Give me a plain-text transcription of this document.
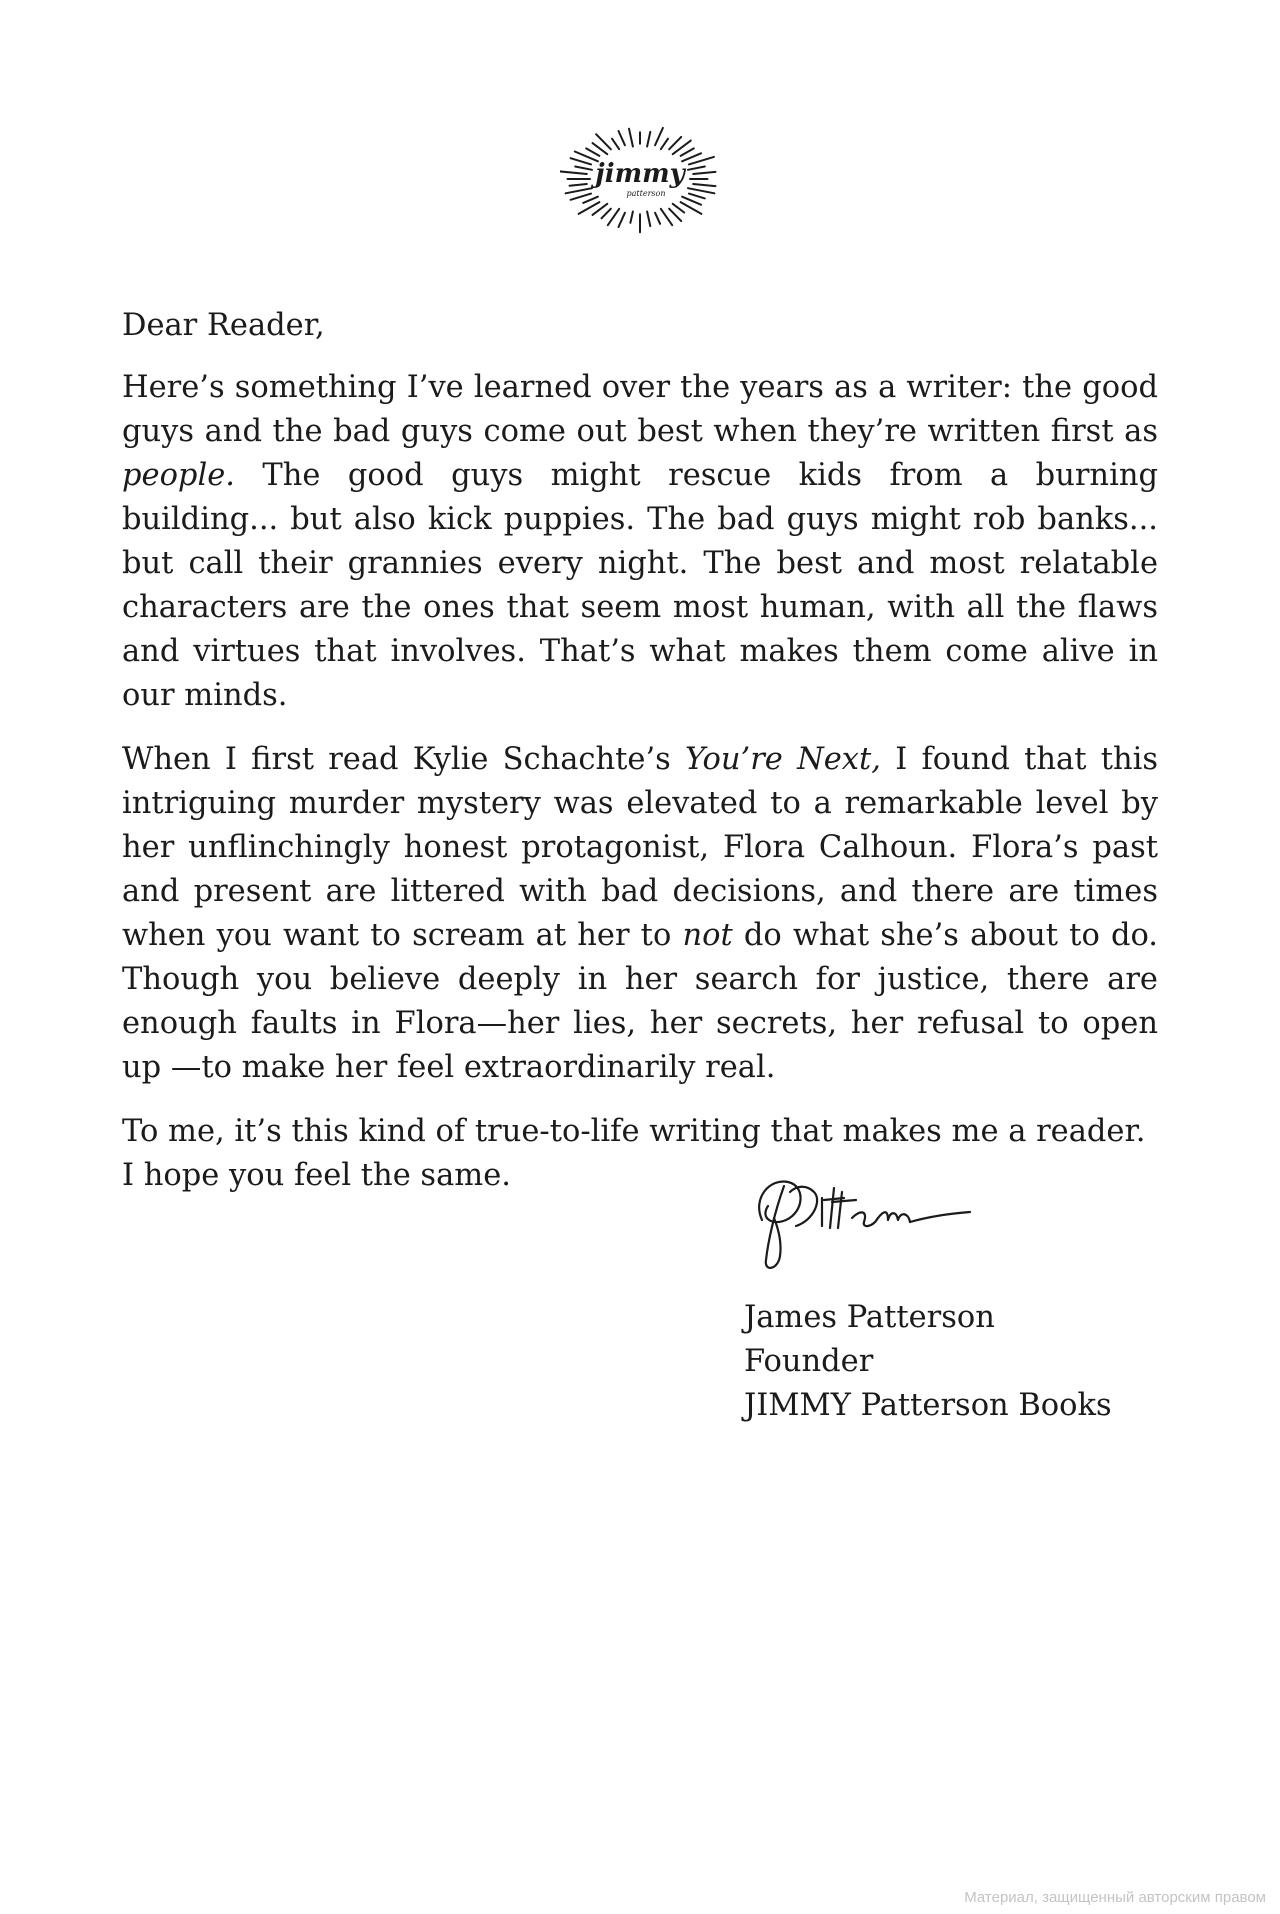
jimmy
patterson

Dear Reader,

Here’s something I’ve learned over the years as a writer: the good guys and the bad guys come out best when they’re written first as people. The good guys might rescue kids from a burning building... but also kick puppies. The bad guys might rob banks... but call their grannies every night. The best and most relatable characters are the ones that seem most human, with all the flaws and virtues that involves. That’s what makes them come alive in our minds.

When I first read Kylie Schachte’s You’re Next, I found that this intriguing murder mystery was elevated to a remarkable level by her unflinchingly honest protagonist, Flora Calhoun. Flora’s past and present are littered with bad decisions, and there are times when you want to scream at her to not do what she’s about to do. Though you believe deeply in her search for justice, there are enough faults in Flora—her lies, her secrets, her refusal to open up —to make her feel extraordinarily real.

To me, it’s this kind of true-to-life writing that makes me a reader.
I hope you feel the same.

James Patterson
Founder
JIMMY Patterson Books
Материал, защищенный авторским правом
